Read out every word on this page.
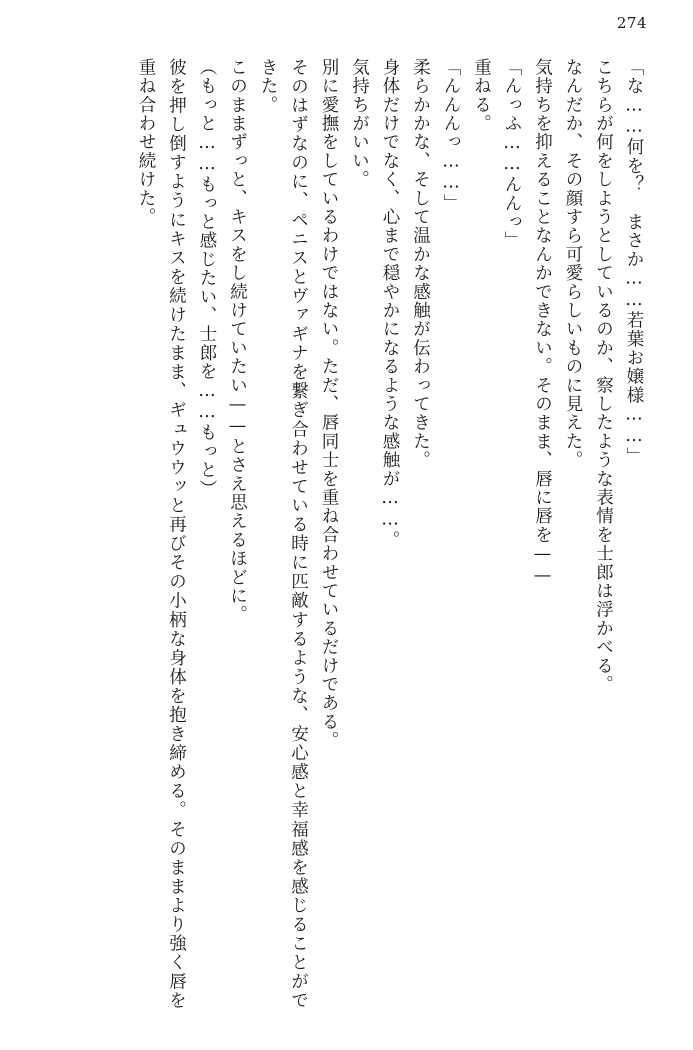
274
「な……何を？　まさか……若葉お嬢様……」
こちらが何をしようとしているのか、察したような表情を士郎は浮かべる。
なんだか、その顔すら可愛らしいものに見えた。
気持ちを抑えることなんかできない。そのまま、唇に唇を——
「んっふ……んんっ」
重ねる。
「んんんっ……」
柔らかかな、そして温かな感触が伝わってきた。
身体だけでなく、心まで穏やかになるような感触が……。
気持ちがいい。
別に愛撫をしているわけではない。ただ、唇同士を重ね合わせているだけである。
そのはずなのに、ペニスとヴァギナを繋ぎ合わせている時に匹敵するような、安心感と幸福感を感じることができた。
このままずっと、キスをし続けていたい——とさえ思えるほどに。
（もっと……もっと感じたい、士郎を……もっと）
彼を押し倒すようにキスを続けたまま、ギュウウッと再びその小柄な身体を抱き締める。そのままより強く唇を重ね合わせ続けた。
